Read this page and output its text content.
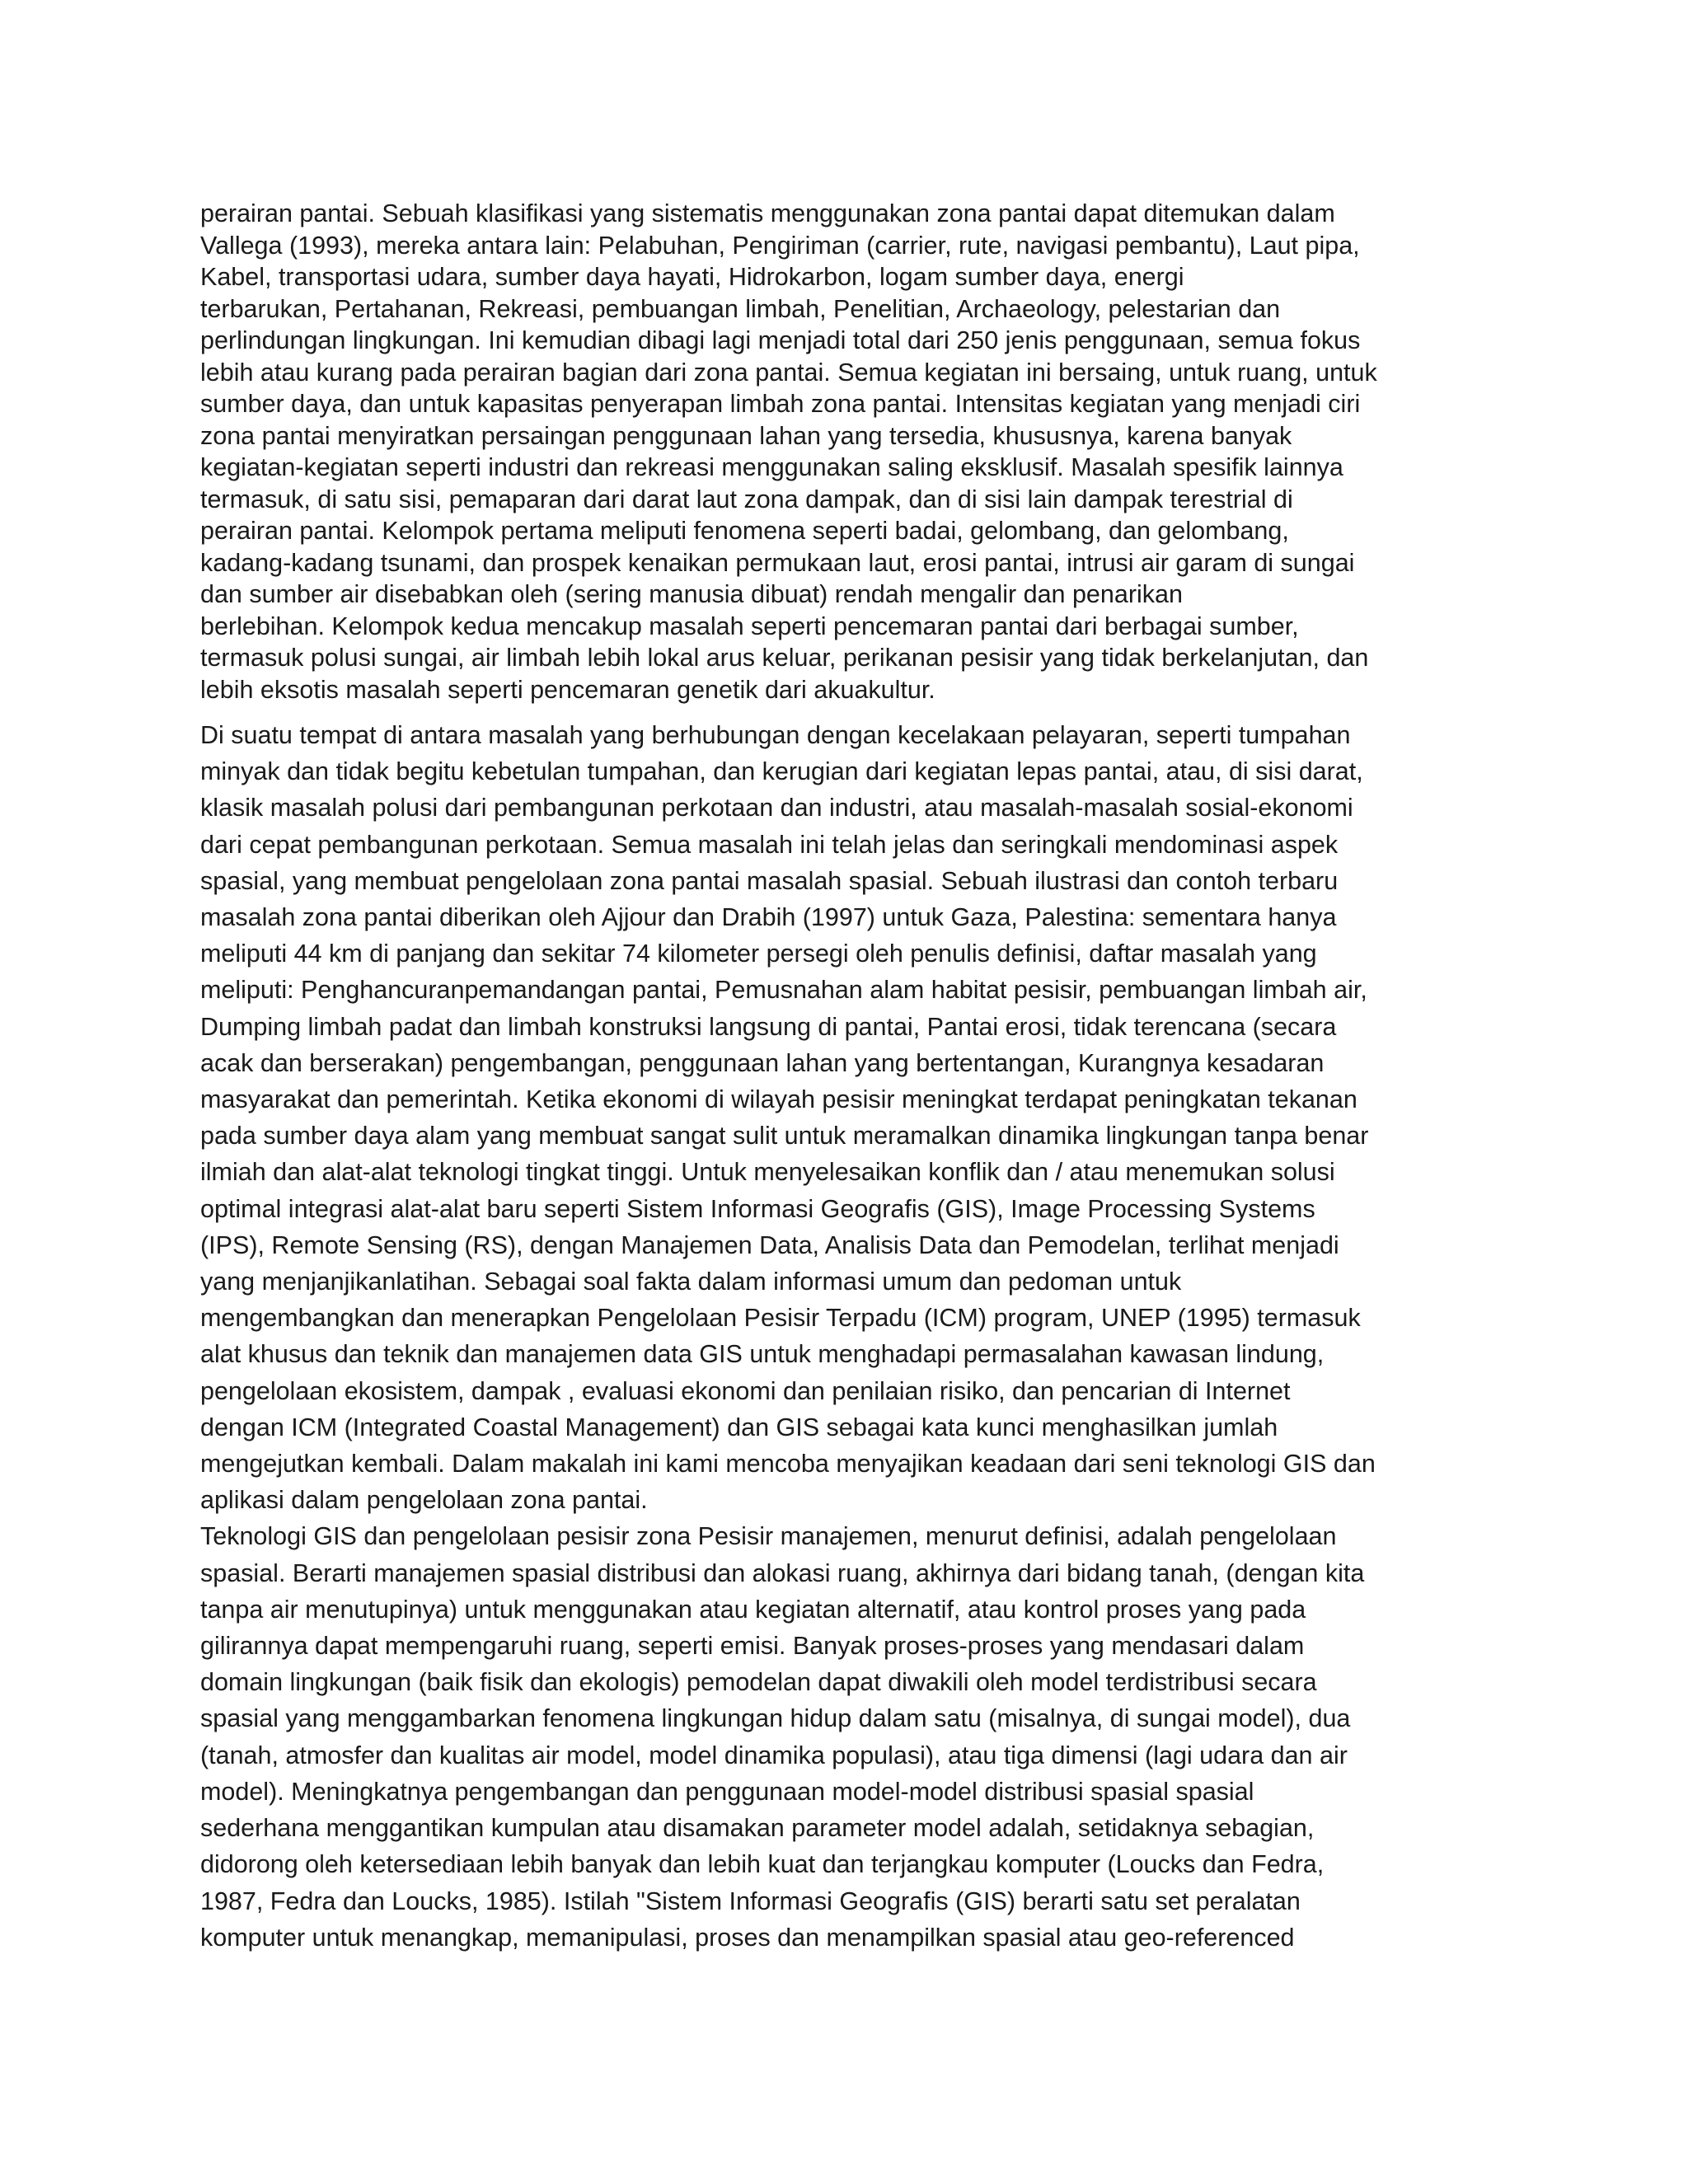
perairan pantai. Sebuah klasifikasi yang sistematis menggunakan zona pantai dapat ditemukan dalam
Vallega (1993), mereka antara lain: Pelabuhan, Pengiriman (carrier, rute, navigasi pembantu), Laut pipa,
Kabel, transportasi udara, sumber daya hayati, Hidrokarbon, logam sumber daya, energi
terbarukan, Pertahanan, Rekreasi, pembuangan limbah, Penelitian, Archaeology, pelestarian dan
perlindungan lingkungan. Ini kemudian dibagi lagi menjadi total dari 250 jenis penggunaan, semua fokus
lebih atau kurang pada perairan bagian dari zona pantai. Semua kegiatan ini bersaing, untuk ruang, untuk
sumber daya, dan untuk kapasitas penyerapan limbah zona pantai. Intensitas kegiatan yang menjadi ciri
zona pantai menyiratkan persaingan penggunaan lahan yang tersedia, khususnya, karena banyak
kegiatan-kegiatan seperti industri dan rekreasi menggunakan saling eksklusif. Masalah spesifik lainnya
termasuk, di satu sisi, pemaparan dari darat laut zona dampak, dan di sisi lain dampak terestrial di
perairan pantai. Kelompok pertama meliputi fenomena seperti badai, gelombang, dan gelombang,
kadang-kadang tsunami, dan prospek kenaikan permukaan laut, erosi pantai, intrusi air garam di sungai
dan sumber air disebabkan oleh (sering manusia dibuat) rendah mengalir dan penarikan
berlebihan. Kelompok kedua mencakup masalah seperti pencemaran pantai dari berbagai sumber,
termasuk polusi sungai, air limbah lebih lokal arus keluar, perikanan pesisir yang tidak berkelanjutan, dan
lebih eksotis masalah seperti pencemaran genetik dari akuakultur.

Di suatu tempat di antara masalah yang berhubungan dengan kecelakaan pelayaran, seperti tumpahan
minyak dan tidak begitu kebetulan tumpahan, dan kerugian dari kegiatan lepas pantai, atau, di sisi darat,
klasik masalah polusi dari pembangunan perkotaan dan industri, atau masalah-masalah sosial-ekonomi
dari cepat pembangunan perkotaan. Semua masalah ini telah jelas dan seringkali mendominasi aspek
spasial, yang membuat pengelolaan zona pantai masalah spasial. Sebuah ilustrasi dan contoh terbaru
masalah zona pantai diberikan oleh Ajjour dan Drabih (1997) untuk Gaza, Palestina: sementara hanya
meliputi 44 km di panjang dan sekitar 74 kilometer persegi oleh penulis definisi, daftar masalah yang
meliputi: Penghancuranpemandangan pantai, Pemusnahan alam habitat pesisir, pembuangan limbah air,
Dumping limbah padat dan limbah konstruksi langsung di pantai, Pantai erosi, tidak terencana (secara
acak dan berserakan) pengembangan, penggunaan lahan yang bertentangan, Kurangnya kesadaran
masyarakat dan pemerintah. Ketika ekonomi di wilayah pesisir meningkat terdapat peningkatan tekanan
pada sumber daya alam yang membuat sangat sulit untuk meramalkan dinamika lingkungan tanpa benar
ilmiah dan alat-alat teknologi tingkat tinggi. Untuk menyelesaikan konflik dan / atau menemukan solusi
optimal integrasi alat-alat baru seperti Sistem Informasi Geografis (GIS), Image Processing Systems
(IPS), Remote Sensing (RS), dengan Manajemen Data, Analisis Data dan Pemodelan, terlihat menjadi
yang menjanjikanlatihan. Sebagai soal fakta dalam informasi umum dan pedoman untuk
mengembangkan dan menerapkan Pengelolaan Pesisir Terpadu (ICM) program, UNEP (1995) termasuk
alat khusus dan teknik dan manajemen data GIS untuk menghadapi permasalahan kawasan lindung,
pengelolaan ekosistem, dampak , evaluasi ekonomi dan penilaian risiko, dan pencarian di Internet
dengan ICM (Integrated Coastal Management) dan GIS sebagai kata kunci menghasilkan jumlah
mengejutkan kembali. Dalam makalah ini kami mencoba menyajikan keadaan dari seni teknologi GIS dan
aplikasi dalam pengelolaan zona pantai.

Teknologi GIS dan pengelolaan pesisir zona Pesisir manajemen, menurut definisi, adalah pengelolaan
spasial. Berarti manajemen spasial distribusi dan alokasi ruang, akhirnya dari bidang tanah, (dengan kita
tanpa air menutupinya) untuk menggunakan atau kegiatan alternatif, atau kontrol proses yang pada
gilirannya dapat mempengaruhi ruang, seperti emisi. Banyak proses-proses yang mendasari dalam
domain lingkungan (baik fisik dan ekologis) pemodelan dapat diwakili oleh model terdistribusi secara
spasial yang menggambarkan fenomena lingkungan hidup dalam satu (misalnya, di sungai model), dua
(tanah, atmosfer dan kualitas air model, model dinamika populasi), atau tiga dimensi (lagi udara dan air
model). Meningkatnya pengembangan dan penggunaan model-model distribusi spasial spasial
sederhana menggantikan kumpulan atau disamakan parameter model adalah, setidaknya sebagian,
didorong oleh ketersediaan lebih banyak dan lebih kuat dan terjangkau komputer (Loucks dan Fedra,
1987, Fedra dan Loucks, 1985). Istilah "Sistem Informasi Geografis (GIS) berarti satu set peralatan
komputer untuk menangkap, memanipulasi, proses dan menampilkan spasial atau geo-referenced
